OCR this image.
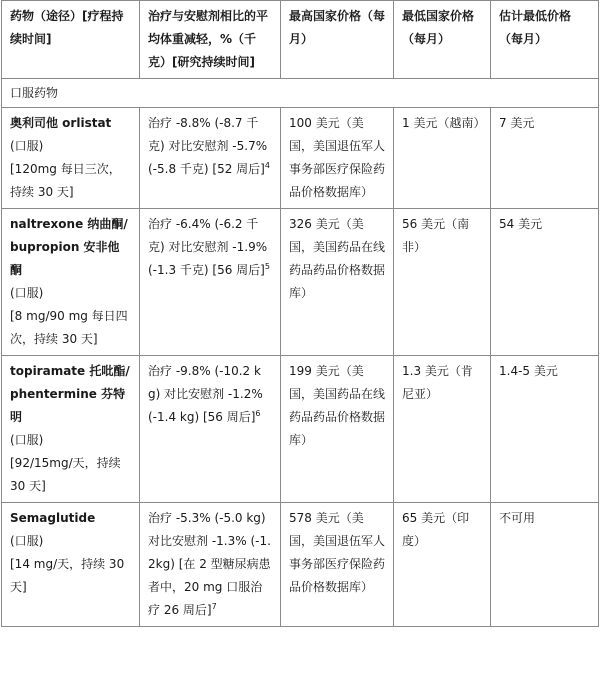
药物（途径）[疗程持续时间]	治疗与安慰剂相比的平均体重减轻，%（千克）[研究持续时间]	最高国家价格（每月）	最低国家价格（每月）	估计最低价格（每月）
口服药物				

奥利司他 orlistat
(口服)
[120mg 每日三次，持续 30 天]	治疗 -8.8% (-8.7 千克) 对比安慰剂 -5.7% (-5.8 千克) [52 周后]$^4$	100 美元（美国，美国退伍军人事务部医疗保险药品价格数据库）	1 美元（越南）	7 美元

naltrexone 纳曲酮/bupropion 安非他酮
(口服)
[8 mg/90 mg 每日四次，持续 30 天]	治疗 -6.4% (-6.2 千克) 对比安慰剂 -1.9% (-1.3 千克) [56 周后]$^5$	326 美元（美国，美国药品在线药品药品价格数据库）	56 美元（南非）	54 美元

topiramate 托吡酯/phentermine 芬特明
(口服)
[92/15mg/天，持续 30 天]	治疗 -9.8% (-10.2 kg) 对比安慰剂 -1.2% (-1.4 kg) [56 周后]$^6$	199 美元（美国，美国药品在线药品药品价格数据库）	1.3 美元（肯尼亚）	1.4-5 美元

Semaglutide
(口服)
[14 mg/天，持续 30 天]	治疗 -5.3% (-5.0 kg) 对比安慰剂 -1.3% (-1.2kg) [在 2 型糖尿病患者中，20 mg 口服治疗 26 周后]$^7$	578 美元（美国，美国退伍军人事务部医疗保险药品价格数据库）	65 美元（印度）	不可用
